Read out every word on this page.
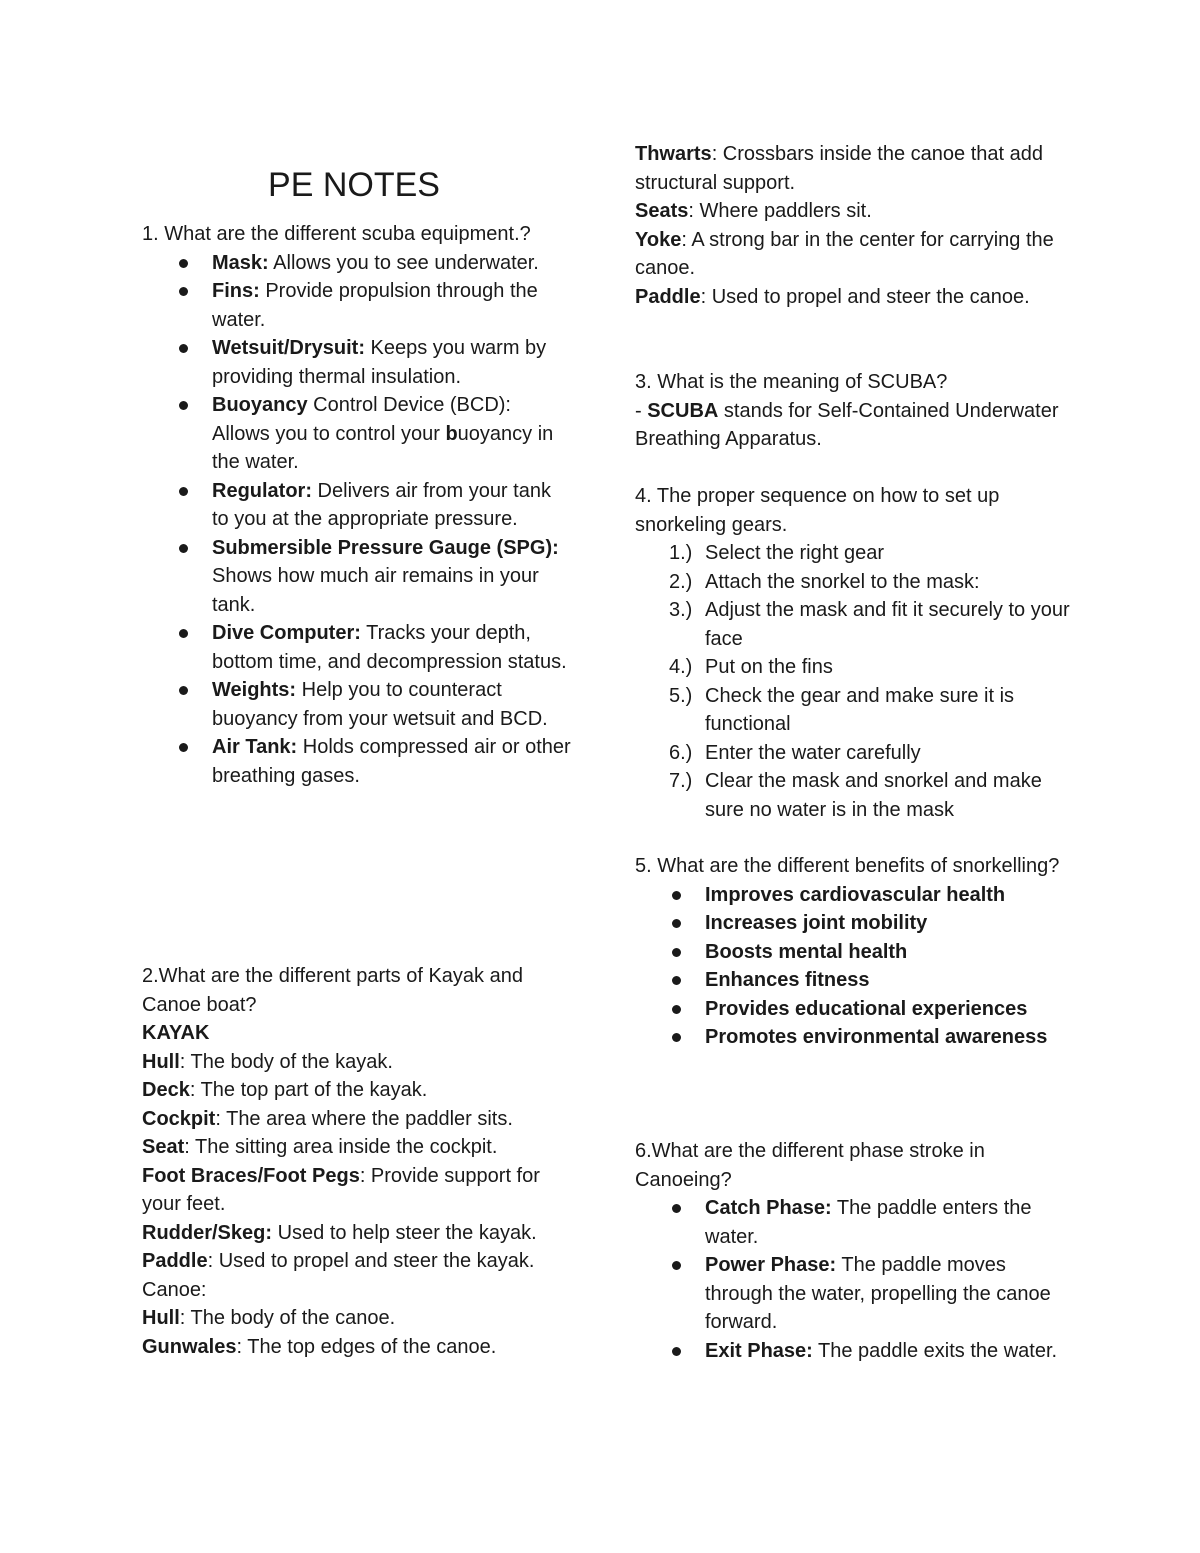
PE NOTES

1. What are the different scuba equipment.?

Mask: Allows you to see underwater.
Fins: Provide propulsion through the water.
Wetsuit/Drysuit: Keeps you warm by providing thermal insulation.
Buoyancy Control Device (BCD): Allows you to control your buoyancy in the water.
Regulator: Delivers air from your tank to you at the appropriate pressure.
Submersible Pressure Gauge (SPG): Shows how much air remains in your tank.
Dive Computer: Tracks your depth, bottom time, and decompression status.
Weights: Help you to counteract buoyancy from your wetsuit and BCD.
Air Tank: Holds compressed air or other breathing gases.

2.What are the different parts of Kayak and Canoe boat?

KAYAK

Hull: The body of the kayak.

Deck: The top part of the kayak.

Cockpit: The area where the paddler sits.

Seat: The sitting area inside the cockpit.

Foot Braces/Foot Pegs: Provide support for your feet.

Rudder/Skeg: Used to help steer the kayak.

Paddle: Used to propel and steer the kayak.

Canoe:

Hull: The body of the canoe.

Gunwales: The top edges of the canoe.

Thwarts: Crossbars inside the canoe that add structural support.

Seats: Where paddlers sit.

Yoke: A strong bar in the center for carrying the canoe.

Paddle: Used to propel and steer the canoe.

3. What is the meaning of SCUBA?

- SCUBA stands for Self-Contained Underwater Breathing Apparatus.

4. The proper sequence on how to set up snorkeling gears.

1.) Select the right gear
2.) Attach the snorkel to the mask:
3.) Adjust the mask and fit it securely to your face
4.) Put on the fins
5.) Check the gear and make sure it is functional
6.) Enter the water carefully
7.) Clear the mask and snorkel and make sure no water is in the mask

5. What are the different benefits of snorkelling?

Improves cardiovascular health
Increases joint mobility
Boosts mental health
Enhances fitness
Provides educational experiences
Promotes environmental awareness

6.What are the different phase stroke in Canoeing?

Catch Phase: The paddle enters the water.
Power Phase: The paddle moves through the water, propelling the canoe forward.
Exit Phase: The paddle exits the water.
